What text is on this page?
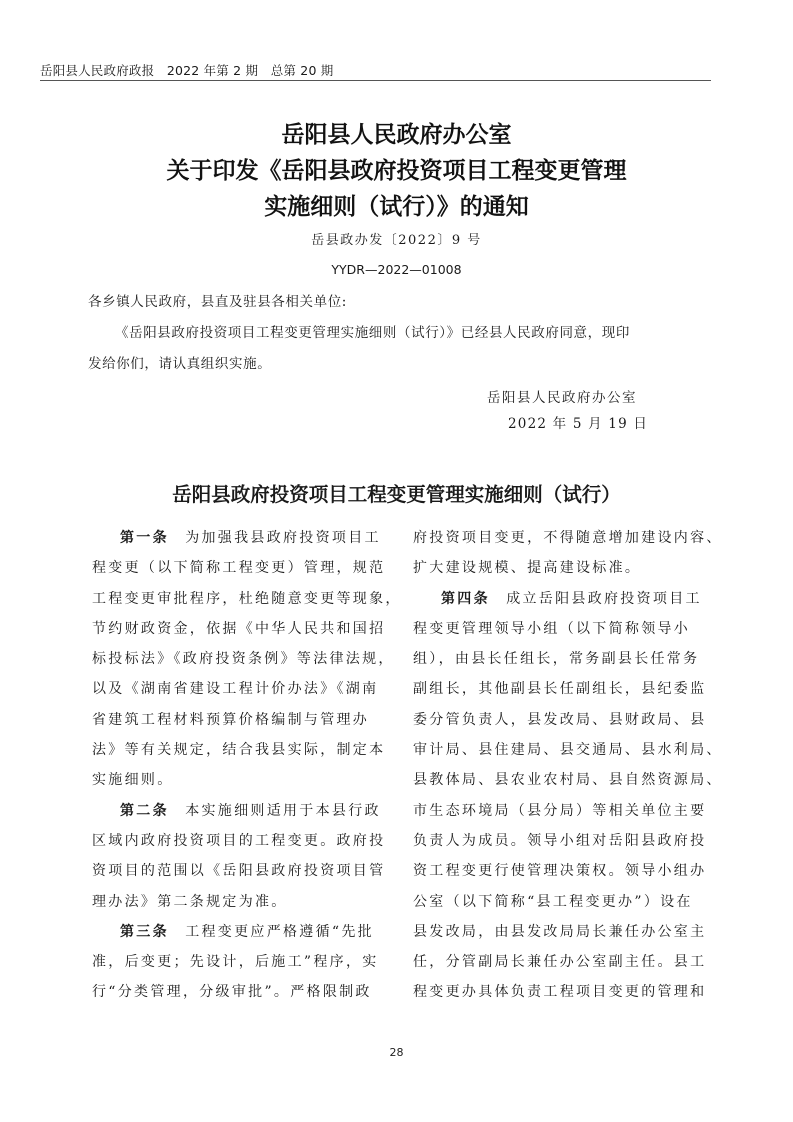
岳阳县人民政府政报   2022 年第 2 期   总第 20 期
岳阳县人民政府办公室
关于印发《岳阳县政府投资项目工程变更管理
实施细则（试行）》的通知
岳县政办发〔2022〕9 号
YYDR—2022—01008
各乡镇人民政府，县直及驻县各相关单位:
《岳阳县政府投资项目工程变更管理实施细则（试行）》已经县人民政府同意，现印
发给你们，请认真组织实施。
岳阳县人民政府办公室
2022 年 5 月 19 日
岳阳县政府投资项目工程变更管理实施细则（试行）
第一条　为加强我县政府投资项目工
程变更（以下简称工程变更）管理，规范
工程变更审批程序，杜绝随意变更等现象，
节约财政资金，依据《中华人民共和国招
标投标法》《政府投资条例》等法律法规，
以及《湖南省建设工程计价办法》《湖南
省建筑工程材料预算价格编制与管理办
法》等有关规定，结合我县实际，制定本
实施细则。
第二条　本实施细则适用于本县行政
区域内政府投资项目的工程变更。政府投
资项目的范围以《岳阳县政府投资项目管
理办法》第二条规定为准。
第三条　工程变更应严格遵循“先批
准，后变更；先设计，后施工”程序，实
行“分类管理，分级审批”。严格限制政
府投资项目变更，不得随意增加建设内容、
扩大建设规模、提高建设标准。
第四条　成立岳阳县政府投资项目工
程变更管理领导小组（以下简称领导小
组），由县长任组长，常务副县长任常务
副组长，其他副县长任副组长，县纪委监
委分管负责人，县发改局、县财政局、县
审计局、县住建局、县交通局、县水利局、
县教体局、县农业农村局、县自然资源局、
市生态环境局（县分局）等相关单位主要
负责人为成员。领导小组对岳阳县政府投
资工程变更行使管理决策权。领导小组办
公室（以下简称“县工程变更办”）设在
县发改局，由县发改局局长兼任办公室主
任，分管副局长兼任办公室副主任。县工
程变更办具体负责工程项目变更的管理和
28
